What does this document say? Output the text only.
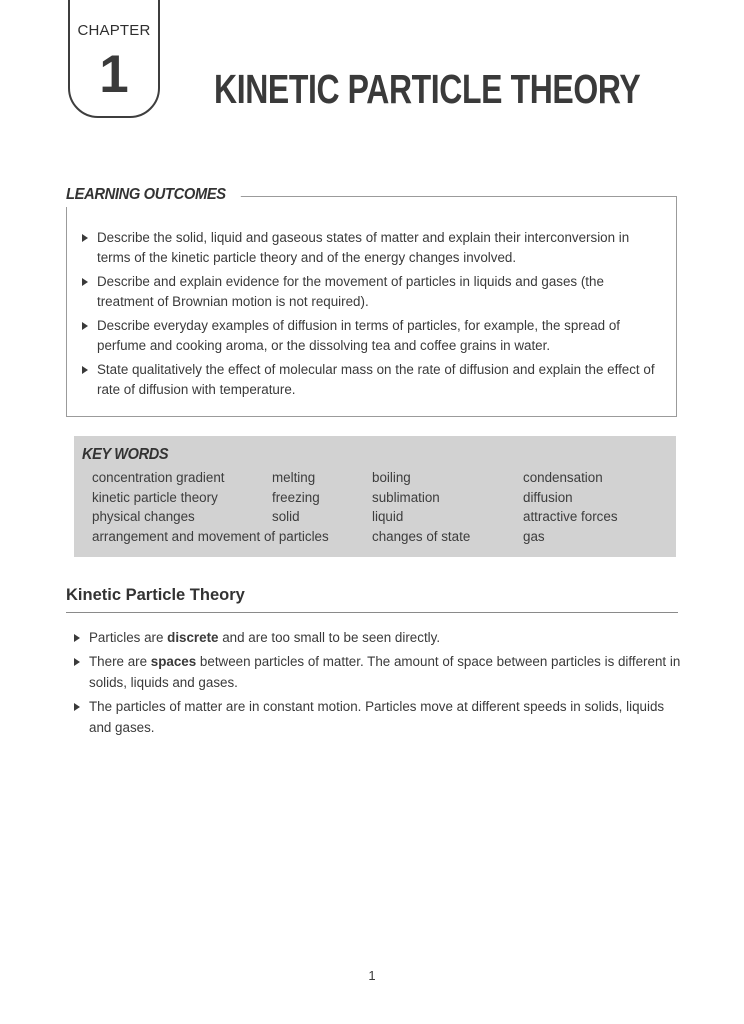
CHAPTER
1	KINETIC PARTICLE THEORY
LEARNING OUTCOMES
Describe the solid, liquid and gaseous states of matter and explain their interconversion in terms of the kinetic particle theory and of the energy changes involved.
Describe and explain evidence for the movement of particles in liquids and gases (the treatment of Brownian motion is not required).
Describe everyday examples of diffusion in terms of particles, for example, the spread of perfume and cooking aroma, or the dissolving tea and coffee grains in water.
State qualitatively the effect of molecular mass on the rate of diffusion and explain the effect of rate of diffusion with temperature.
KEY WORDS
concentration gradient	melting	boiling	condensation
kinetic particle theory	freezing	sublimation	diffusion
physical changes	solid	liquid	attractive forces
arrangement and movement of particles	changes of state	gas
Kinetic Particle Theory
Particles are discrete and are too small to be seen directly.
There are spaces between particles of matter. The amount of space between particles is different in solids, liquids and gases.
The particles of matter are in constant motion. Particles move at different speeds in solids, liquids and gases.
1
